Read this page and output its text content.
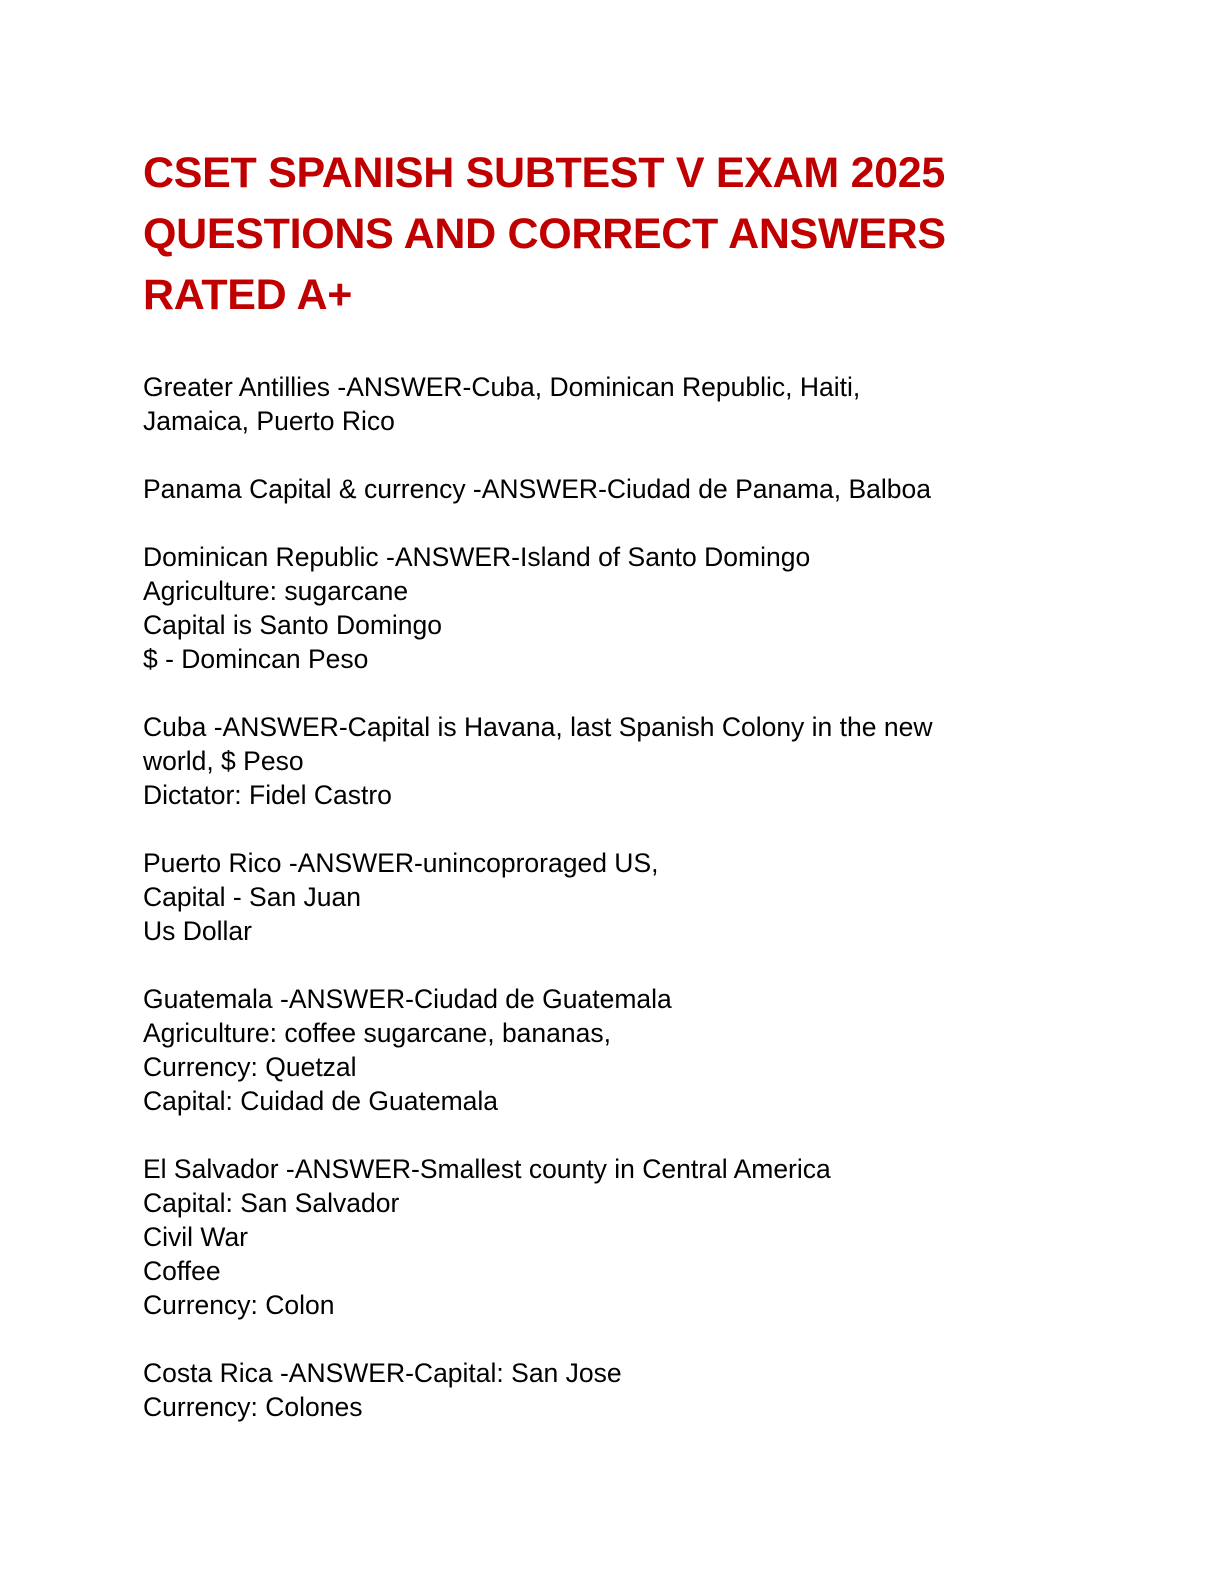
CSET SPANISH SUBTEST V EXAM 2025
QUESTIONS AND CORRECT ANSWERS
RATED A+
Greater Antillies -ANSWER-Cuba, Dominican Republic, Haiti,
Jamaica, Puerto Rico
Panama Capital & currency -ANSWER-Ciudad de Panama, Balboa
Dominican Republic -ANSWER-Island of Santo Domingo
Agriculture: sugarcane
Capital is Santo Domingo
$ - Domincan Peso
Cuba -ANSWER-Capital is Havana, last Spanish Colony in the new
world, $ Peso
Dictator: Fidel Castro
Puerto Rico -ANSWER-unincoproraged US,
Capital - San Juan
Us Dollar
Guatemala -ANSWER-Ciudad de Guatemala
Agriculture: coffee sugarcane, bananas,
Currency: Quetzal
Capital: Cuidad de Guatemala
El Salvador -ANSWER-Smallest county in Central America
Capital: San Salvador
Civil War
Coffee
Currency: Colon
Costa Rica -ANSWER-Capital: San Jose
Currency: Colones
